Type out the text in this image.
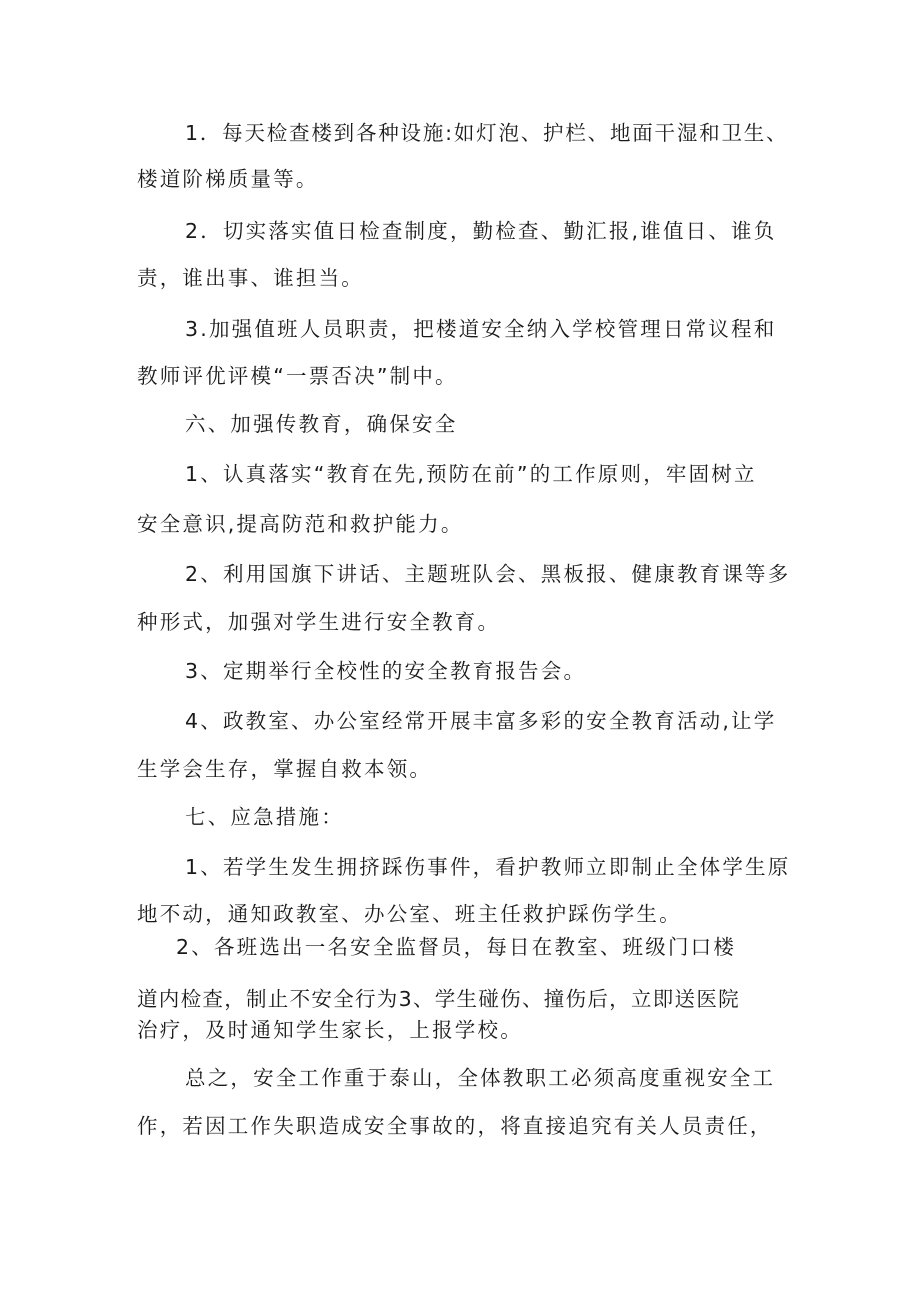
1．每天检查楼到各种设施:如灯泡、护栏、地面干湿和卫生、
楼道阶梯质量等。
2．切实落实值日检查制度，勤检查、勤汇报,谁值日、谁负
责，谁出事、谁担当。
3.加强值班人员职责，把楼道安全纳入学校管理日常议程和
教师评优评模“一票否决”制中。
六、加强传教育，确保安全
1、认真落实“教育在先,预防在前”的工作原则，牢固树立
安全意识,提高防范和救护能力。
2、利用国旗下讲话、主题班队会、黑板报、健康教育课等多
种形式，加强对学生进行安全教育。
3、定期举行全校性的安全教育报告会。
4、政教室、办公室经常开展丰富多彩的安全教育活动,让学
生学会生存，掌握自救本领。
七、应急措施：
1、若学生发生拥挤踩伤事件，看护教师立即制止全体学生原
地不动，通知政教室、办公室、班主任救护踩伤学生。
2、各班选出一名安全监督员，每日在教室、班级门口楼
道内检查，制止不安全行为3、学生碰伤、撞伤后，立即送医院
治疗，及时通知学生家长，上报学校。
总之，安全工作重于泰山，全体教职工必须高度重视安全工
作，若因工作失职造成安全事故的，将直接追究有关人员责任，
